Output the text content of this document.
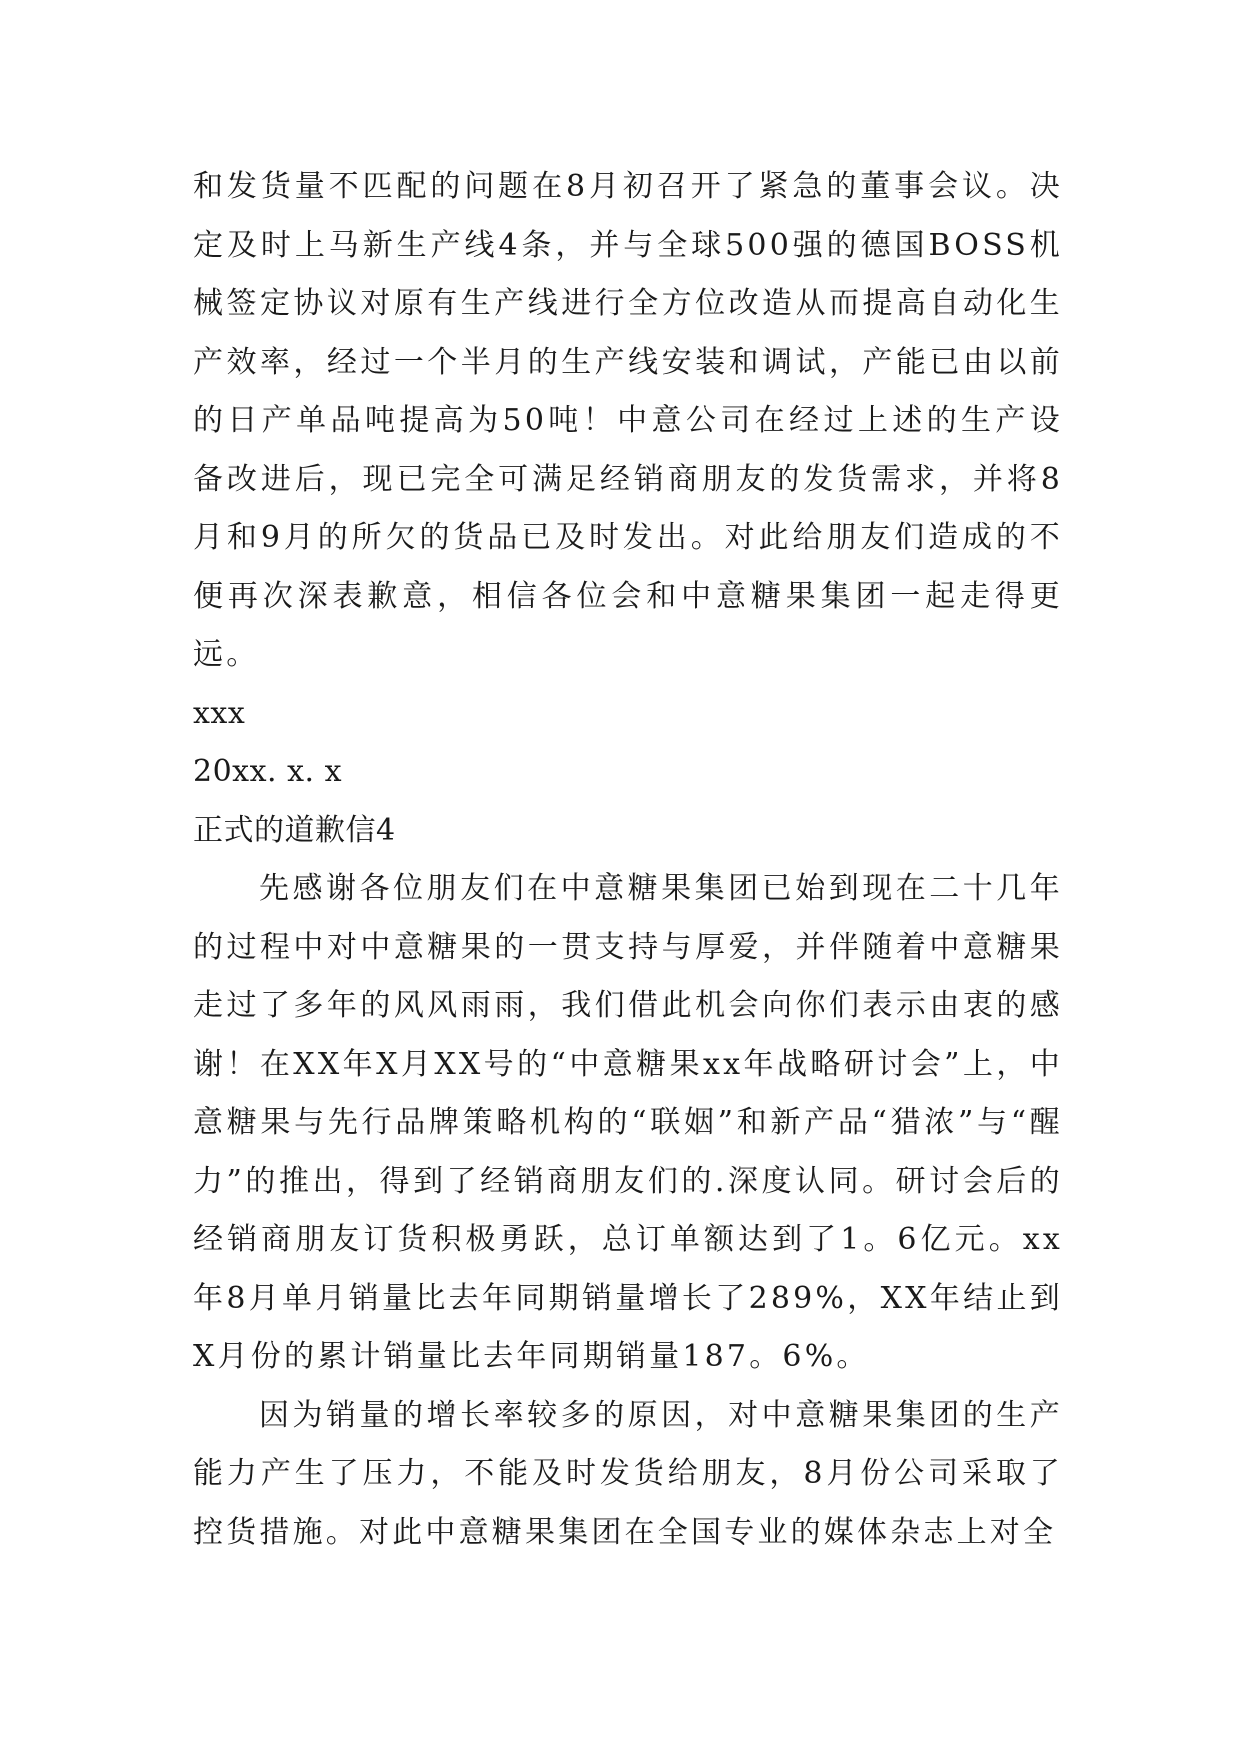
和发货量不匹配的问题在8月初召开了紧急的董事会议。决定及时上马新生产线4条，并与全球500强的德国BOSS机械签定协议对原有生产线进行全方位改造从而提高自动化生产效率，经过一个半月的生产线安装和调试，产能已由以前的日产单品吨提高为50吨！中意公司在经过上述的生产设备改进后，现已完全可满足经销商朋友的发货需求，并将8月和9月的所欠的货品已及时发出。对此给朋友们造成的不便再次深表歉意，相信各位会和中意糖果集团一起走得更远。

xxx

20xx. x. x

正式的道歉信4

先感谢各位朋友们在中意糖果集团已始到现在二十几年的过程中对中意糖果的一贯支持与厚爱，并伴随着中意糖果走过了多年的风风雨雨，我们借此机会向你们表示由衷的感谢！在XX年X月XX号的“中意糖果xx年战略研讨会”上，中意糖果与先行品牌策略机构的“联姻”和新产品“猎浓”与“醒力”的推出，得到了经销商朋友们的.深度认同。研讨会后的经销商朋友订货积极勇跃，总订单额达到了1。6亿元。xx年8月单月销量比去年同期销量增长了289%，XX年结止到X月份的累计销量比去年同期销量187。6%。

因为销量的增长率较多的原因，对中意糖果集团的生产能力产生了压力，不能及时发货给朋友，8月份公司采取了控货措施。对此中意糖果集团在全国专业的媒体杂志上对全
